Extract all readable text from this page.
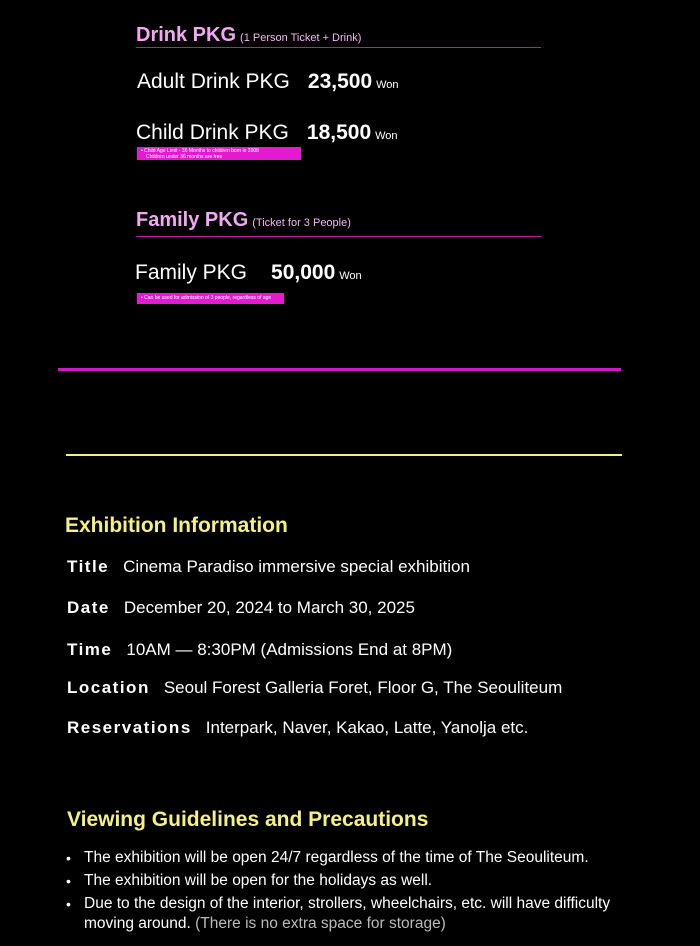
Drink PKG (1 Person Ticket + Drink)
Adult Drink PKG 23,500 Won
Child Drink PKG 18,500 Won
• Child Age Limit - 36 Months to children born in 2008
Children under 36 months are free
Family PKG (Ticket for 3 People)
Family PKG 50,000 Won
• Can be used for admission of 3 people, regardless of age
Exhibition Information
Title Cinema Paradiso immersive special exhibition
Date December 20, 2024 to March 30, 2025
Time 10AM — 8:30PM (Admissions End at 8PM)
Location Seoul Forest Galleria Foret, Floor G, The Seouliteum
Reservations Interpark, Naver, Kakao, Latte, Yanolja etc.
Viewing Guidelines and Precautions
• The exhibition will be open 24/7 regardless of the time of The Seouliteum.
• The exhibition will be open for the holidays as well.
• Due to the design of the interior, strollers, wheelchairs, etc. will have difficulty moving around. (There is no extra space for storage)
